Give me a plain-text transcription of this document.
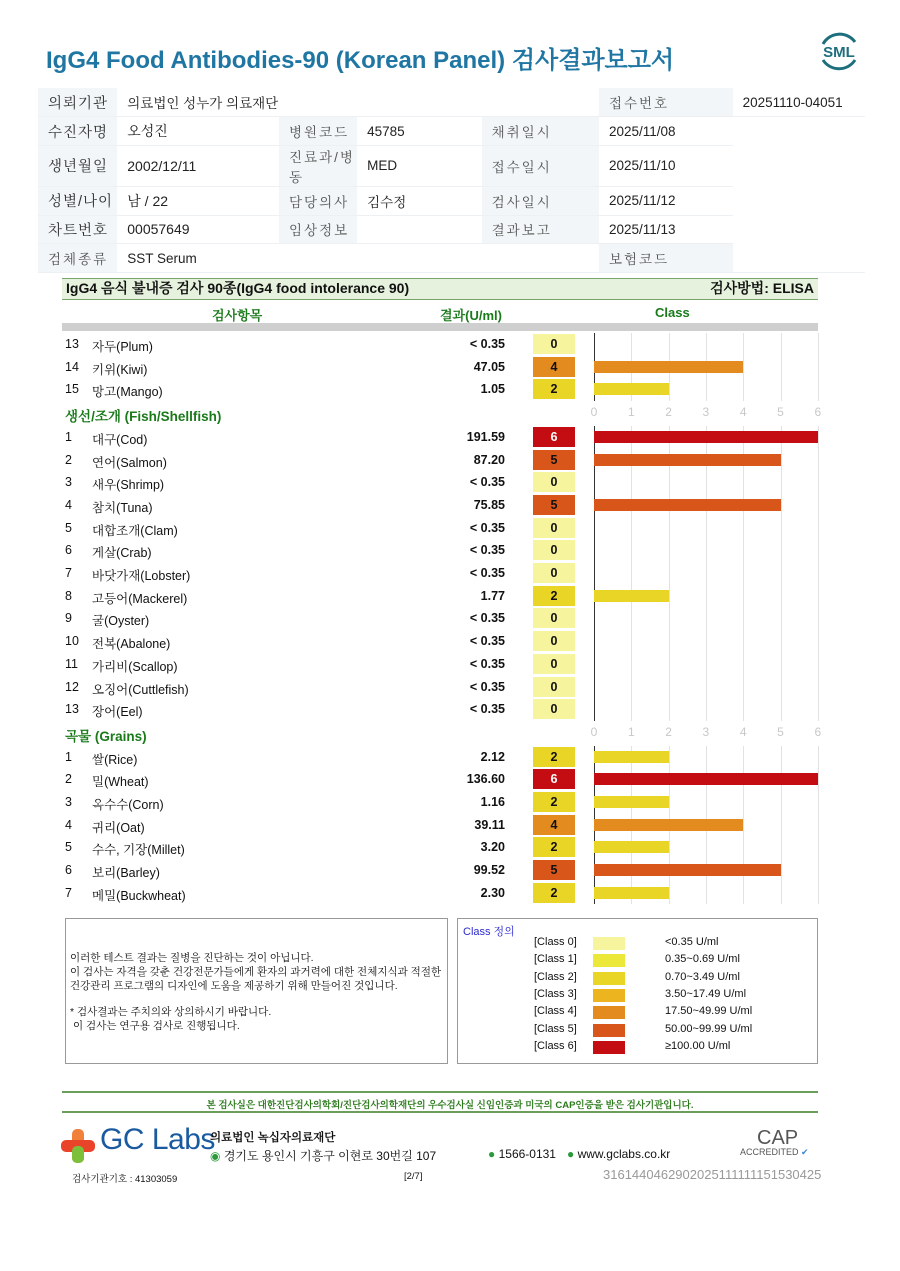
IgG4 Food Antibodies-90 (Korean Panel) 검사결과보고서	SML
의뢰기관	의료법인 성누가 의료재단				접수번호	20251110-04051
수진자명	오성진	병원코드	45785	채취일시	2025/11/08	
생년월일	2002/12/11	진료과/병동	MED	접수일시	2025/11/10	
성별/나이	남 / 22	담당의사	김수정	검사일시	2025/11/12	
차트번호	00057649	임상정보		결과보고	2025/11/13	
검체종류	SST Serum				보험코드	
IgG4 음식 불내증 검사 90종(IgG4 food intolerance 90)	검사방법: ELISA
검사항목	결과(U/ml)	Class
13 자두(Plum)	< 0.35	0
14 키위(Kiwi)	47.05	4
15 망고(Mango)	1.05	2
생선/조개 (Fish/Shellfish)	0	1	2	3	4	5	6
1 대구(Cod)	191.59	6
2 연어(Salmon)	87.20	5
3 새우(Shrimp)	< 0.35	0
4 참치(Tuna)	75.85	5
5 대합조개(Clam)	< 0.35	0
6 게살(Crab)	< 0.35	0
7 바닷가재(Lobster)	< 0.35	0
8 고등어(Mackerel)	1.77	2
9 굴(Oyster)	< 0.35	0
10 전복(Abalone)	< 0.35	0
11 가리비(Scallop)	< 0.35	0
12 오징어(Cuttlefish)	< 0.35	0
13 장어(Eel)	< 0.35	0
곡물 (Grains)	0	1	2	3	4	5	6
1 쌀(Rice)	2.12	2
2 밀(Wheat)	136.60	6
3 옥수수(Corn)	1.16	2
4 귀리(Oat)	39.11	4
5 수수, 기장(Millet)	3.20	2
6 보리(Barley)	99.52	5
7 메밀(Buckwheat)	2.30	2
이러한 테스트 결과는 질병을 진단하는 것이 아닙니다.
이 검사는 자격을 갖춘 건강전문가들에게 환자의 과거력에 대한 전체지식과 적절한
건강관리 프로그램의 디자인에 도움을 제공하기 위해 만들어진 것입니다.
* 검사결과는 주치의와 상의하시기 바랍니다.
이 검사는 연구용 검사로 진행됩니다.
Class 정의
[Class 0]	<0.35 U/ml
[Class 1]	0.35~0.69 U/ml
[Class 2]	0.70~3.49 U/ml
[Class 3]	3.50~17.49 U/ml
[Class 4]	17.50~49.99 U/ml
[Class 5]	50.00~99.99 U/ml
[Class 6]	≥100.00 U/ml
본 검사실은 대한진단검사의학회/진단검사의학재단의 우수검사실 신임인증과 미국의 CAP인증을 받은 검사기관입니다.
GC Labs
의료법인 녹십자의료재단
◉ 경기도 용인시 기흥구 이현로 30번길 107	● 1566-0131 ● www.gclabs.co.kr
CAP
ACCREDITED ✔
검사기관기호 : 41303059	[2/7]	3161440462902025111111151530425
